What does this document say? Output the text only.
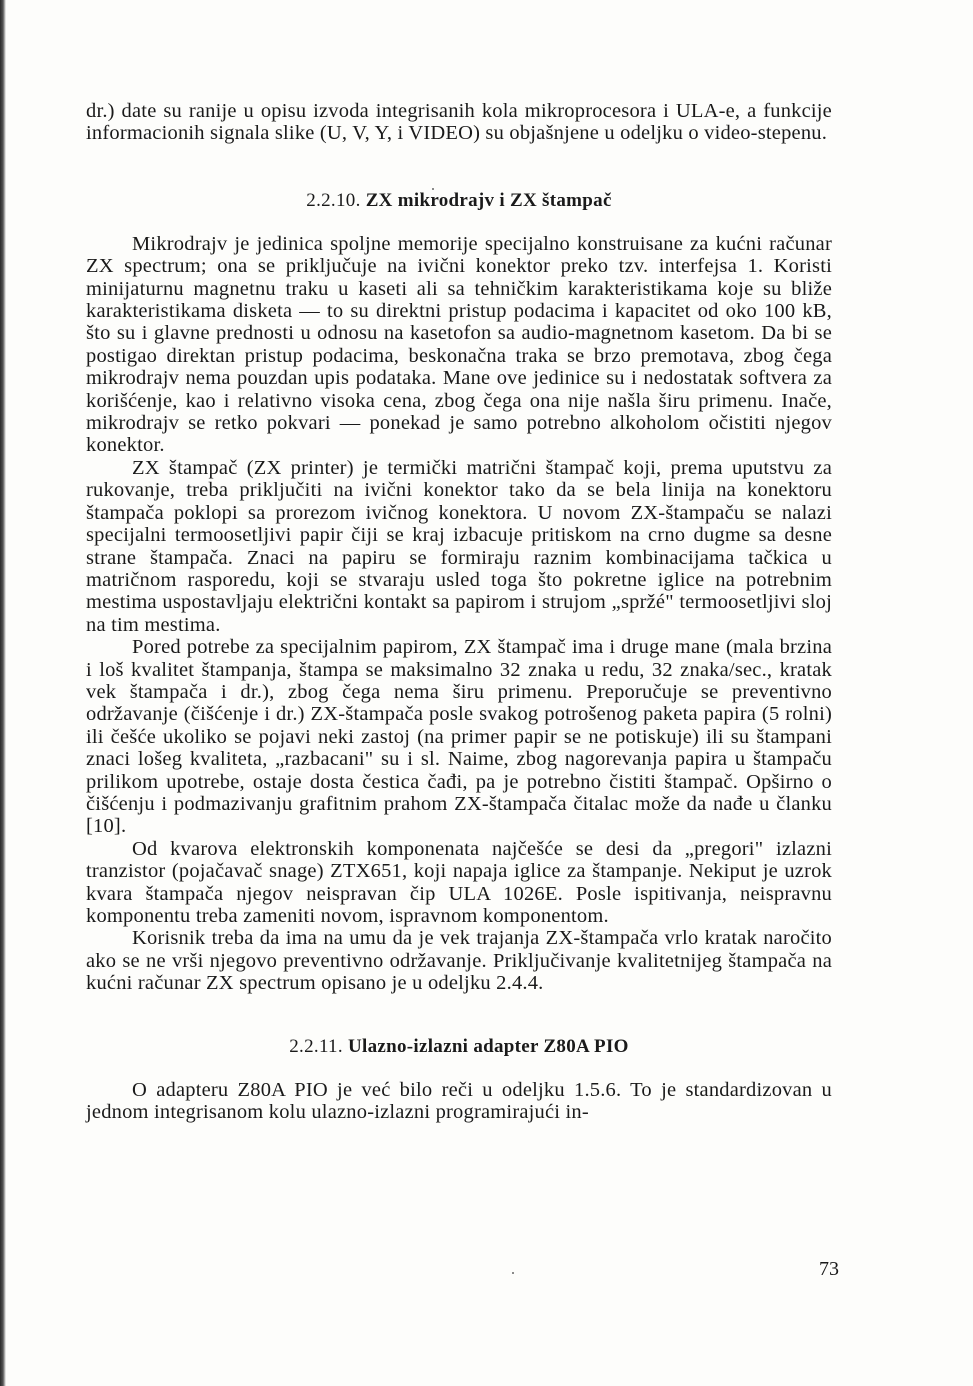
dr.) date su ranije u opisu izvoda integrisanih kola mikroprocesora i ULA-e, a funkcije informacionih signala slike (U, V, Y, i VIDEO) su objašnjene u odeljku o video-stepenu.

2.2.10. ZX mikrodrajv i ZX štampač

Mikrodrajv je jedinica spoljne memorije specijalno konstruisane za kućni računar ZX spectrum; ona se priključuje na ivični konektor preko tzv. interfejsa 1. Koristi minijaturnu magnetnu traku u kaseti ali sa tehničkim karakteristikama koje su bliže karakteristikama disketa — to su direktni pristup podacima i kapacitet od oko 100 kB, što su i glavne prednosti u odnosu na kasetofon sa audio-magnetnom kasetom. Da bi se postigao direktan pristup podacima, beskonačna traka se brzo premotava, zbog čega mikrodrajv nema pouzdan upis podataka. Mane ove jedinice su i nedostatak softvera za korišćenje, kao i relativno visoka cena, zbog čega ona nije našla širu primenu. Inače, mikrodrajv se retko pokvari — ponekad je samo potrebno alkoholom očistiti njegov konektor.

ZX štampač (ZX printer) je termički matrični štampač koji, prema uputstvu za rukovanje, treba priključiti na ivični konektor tako da se bela linija na konektoru štampača poklopi sa prorezom ivičnog konektora. U novom ZX-štampaču se nalazi specijalni termoosetljivi papir čiji se kraj izbacuje pritiskom na crno dugme sa desne strane štampača. Znaci na papiru se formiraju raznim kombinacijama tačkica u matričnom rasporedu, koji se stvaraju usled toga što pokretne iglice na potrebnim mestima uspostavljaju električni kontakt sa papirom i strujom „spržé" termoosetljivi sloj na tim mestima.

Pored potrebe za specijalnim papirom, ZX štampač ima i druge mane (mala brzina i loš kvalitet štampanja, štampa se maksimalno 32 znaka u redu, 32 znaka/sec., kratak vek štampača i dr.), zbog čega nema širu primenu. Preporučuje se preventivno održavanje (čišćenje i dr.) ZX-štampača posle svakog potrošenog paketa papira (5 rolni) ili češće ukoliko se pojavi neki zastoj (na primer papir se ne potiskuje) ili su štampani znaci lošeg kvaliteta, „razbacani" su i sl. Naime, zbog nagorevanja papira u štampaču prilikom upotrebe, ostaje dosta čestica čađi, pa je potrebno čistiti štampač. Opširno o čišćenju i podmazivanju grafitnim prahom ZX-štampača čitalac može da nađe u članku [10].

Od kvarova elektronskih komponenata najčešće se desi da „pregori" izlazni tranzistor (pojačavač snage) ZTX651, koji napaja iglice za štampanje. Nekiput je uzrok kvara štampača njegov neispravan čip ULA 1026E. Posle ispitivanja, neispravnu komponentu treba zameniti novom, ispravnom komponentom.

Korisnik treba da ima na umu da je vek trajanja ZX-štampača vrlo kratak naročito ako se ne vrši njegovo preventivno održavanje. Priključivanje kvalitetnijeg štampača na kućni računar ZX spectrum opisano je u odeljku 2.4.4.

2.2.11. Ulazno-izlazni adapter Z80A PIO

O adapteru Z80A PIO je već bilo reči u odeljku 1.5.6. To je standardizovan u jednom integrisanom kolu ulazno-izlazni programirajući in-

73
